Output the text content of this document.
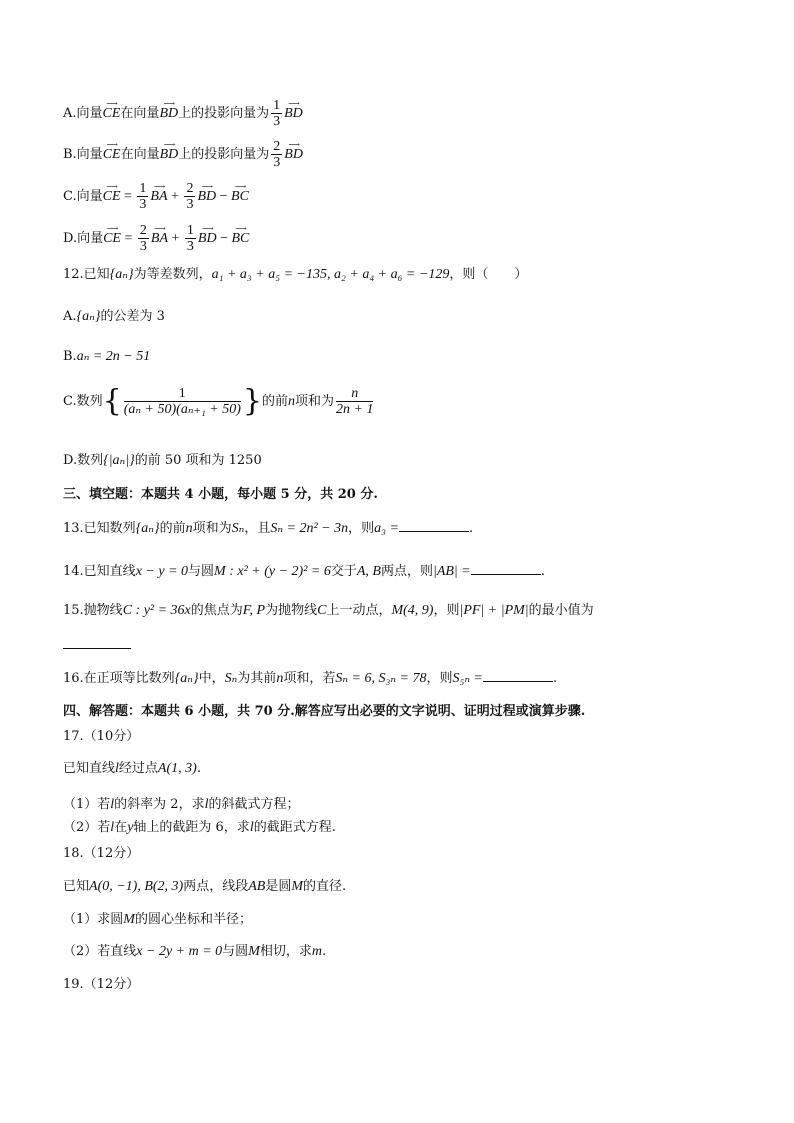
A.向量
⟶
CE在向量
⟶
BD上的投影向量为 $\frac{1}{3}$ ⟶
BD
B.向量
⟶
CE在向量
⟶
BD上的投影向量为 $\frac{2}{3}$ ⟶
BD
C.向量
⟶
CE = $\frac{1}{3}$ ⟶
BA + $\frac{2}{3}$ ⟶
BD −
⟶
BC
D.向量
⟶
CE = $\frac{2}{3}$ ⟶
BA + $\frac{1}{3}$ ⟶
BD −
⟶
BC
12.已知{aₙ}为等差数列，a₁ + a₃ + a₅ = −135, a₂ + a₄ + a₆ = −129，则（　　）
A.{aₙ}的公差为 3
B.aₙ = 2n − 51
C.数列{ $\frac{1}{\text{(aₙ + 50)(aₙ₊₁ + 50)}}$ }的前n项和为 $\frac{n}{2n + 1}$
D.数列{|aₙ|}的前 50 项和为 1250
三、填空题：本题共 4 小题，每小题 5 分，共 20 分.
13.已知数列{aₙ}的前n项和为Sₙ，且Sₙ = 2n² − 3n，则a₃ =	.
14.已知直线x − y = 0与圆M : x² + (y − 2)² = 6交于A, B两点，则|AB| =	.
15.抛物线C : y² = 36x的焦点为F, P为抛物线C上一动点，M(4, 9)，则|PF| + |PM|的最小值为
16.在正项等比数列{aₙ}中，Sₙ为其前n项和，若Sₙ = 6, S₃ₙ = 78，则S₅ₙ =	.
四、解答题：本题共 6 小题，共 70 分.解答应写出必要的文字说明、证明过程或演算步骤.
17.（10分）
已知直线l经过点A(1, 3).
（1）若l的斜率为 2，求l的斜截式方程；
（2）若l在y轴上的截距为 6，求l的截距式方程.
18.（12分）
已知A(0, −1), B(2, 3)两点，线段AB是圆M的直径.
（1）求圆M的圆心坐标和半径；
（2）若直线x − 2y + m = 0与圆M相切，求m.
19.（12分）
